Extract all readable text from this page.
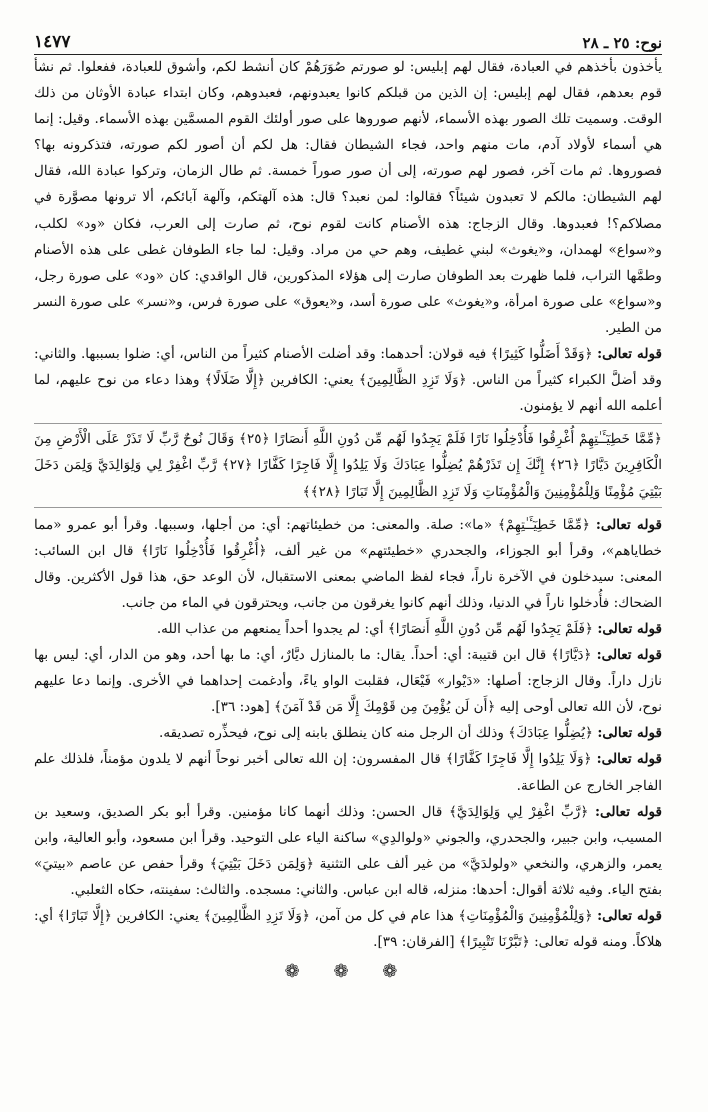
نوح: ٢٥ ـ ٢٨
١٤٧٧

يأخذون بأخذهم في العبادة، فقال لهم إبليس: لو صورتم صُوَرَهُمْ كان أنشط لكم، وأشوق للعبادة، ففعلوا. ثم نشأ قوم بعدهم، فقال لهم إبليس: إن الذين من قبلكم كانوا يعبدونهم، فعبدوهم، وكان ابتداء عبادة الأوثان من ذلك الوقت. وسميت تلك الصور بهذه الأسماء، لأنهم صوروها على صور أولئك القوم المسمَّين بهذه الأسماء. وقيل: إنما هي أسماء لأولاد آدم، مات منهم واحد، فجاء الشيطان فقال: هل لكم أن أصور لكم صورته، فتذكرونه بها؟ فصوروها. ثم مات آخر، فصور لهم صورته، إلى أن صور صوراً خمسة. ثم طال الزمان، وتركوا عبادة الله، فقال لهم الشيطان: مالكم لا تعبدون شيئاً؟ فقالوا: لمن نعبد؟ قال: هذه آلهتكم، وآلهة آبائكم، ألا ترونها مصوَّرة في مصلاكم؟! فعبدوها. وقال الزجاج: هذه الأصنام كانت لقوم نوح، ثم صارت إلى العرب، فكان «ود» لكلب، و«سواع» لهمدان، و«يغوث» لبني غطيف، وهم حي من مراد. وقيل: لما جاء الطوفان غطى على هذه الأصنام وطمَّها التراب، فلما ظهرت بعد الطوفان صارت إلى هؤلاء المذكورين، قال الواقدي: كان «ود» على صورة رجل، و«سواع» على صورة امرأة، و«يغوث» على صورة أسد، و«يعوق» على صورة فرس، و«نسر» على صورة النسر من الطير.

قوله تعالى: ﴿وَقَدْ أَضَلُّوا كَثِيرًا﴾ فيه قولان: أحدهما: وقد أضلت الأصنام كثيراً من الناس، أي: ضلوا بسببها. والثاني: وقد أضلَّ الكبراء كثيراً من الناس. ﴿وَلَا تَزِدِ الظَّالِمِينَ﴾ يعني: الكافرين ﴿إِلَّا ضَلَالًا﴾ وهذا دعاء من نوح عليهم، لما أعلمه الله أنهم لا يؤمنون.

﴿مِّمَّا خَطِيٓـَٔـٰتِهِمْ أُغْرِقُوا فَأُدْخِلُوا نَارًا فَلَمْ يَجِدُوا لَهُم مِّن دُونِ اللَّهِ أَنصَارًا ﴿٢٥﴾ وَقَالَ نُوحٌ رَّبِّ لَا تَذَرْ عَلَى الْأَرْضِ مِنَ الْكَافِرِينَ دَيَّارًا ﴿٢٦﴾ إِنَّكَ إِن تَذَرْهُمْ يُضِلُّوا عِبَادَكَ وَلَا يَلِدُوا إِلَّا فَاجِرًا كَفَّارًا ﴿٢٧﴾ رَّبِّ اغْفِرْ لِي وَلِوَالِدَيَّ وَلِمَن دَخَلَ بَيْتِيَ مُؤْمِنًا وَلِلْمُؤْمِنِينَ وَالْمُؤْمِنَاتِ وَلَا تَزِدِ الظَّالِمِينَ إِلَّا تَبَارًا ﴿٢٨﴾﴾

قوله تعالى: ﴿مِّمَّا خَطِيٓـَٔـٰتِهِمْ﴾ «ما»: صلة. والمعنى: من خطيئاتهم: أي: من أجلها، وسببها. وقرأ أبو عمرو «مما خطاياهم»، وقرأ أبو الجوزاء، والجحدري «خطيئتهم» من غير ألف، ﴿أُغْرِقُوا فَأُدْخِلُوا نَارًا﴾ قال ابن السائب: المعنى: سيدخلون في الآخرة ناراً، فجاء لفظ الماضي بمعنى الاستقبال، لأن الوعد حق، هذا قول الأكثرين. وقال الضحاك: فأُدخلوا ناراً في الدنيا، وذلك أنهم كانوا يغرقون من جانب، ويحترقون في الماء من جانب.

قوله تعالى: ﴿فَلَمْ يَجِدُوا لَهُم مِّن دُونِ اللَّهِ أَنصَارًا﴾ أي: لم يجدوا أحداً يمنعهم من عذاب الله.

قوله تعالى: ﴿دَيَّارًا﴾ قال ابن قتيبة: أي: أحداً. يقال: ما بالمنازل ديَّارٌ، أي: ما بها أحد، وهو من الدار، أي: ليس بها نازل داراً. وقال الزجاج: أصلها: «دَيْوار» فَيْعَال، فقلبت الواو ياءً، وأدغمت إحداهما في الأخرى. وإنما دعا عليهم نوح، لأن الله تعالى أوحى إليه ﴿أَن لَن يُؤْمِنَ مِن قَوْمِكَ إِلَّا مَن قَدْ آمَنَ﴾ [هود: ٣٦].

قوله تعالى: ﴿يُضِلُّوا عِبَادَكَ﴾ وذلك أن الرجل منه كان ينطلق بابنه إلى نوح، فيحذِّره تصديقه.

قوله تعالى: ﴿وَلَا يَلِدُوا إِلَّا فَاجِرًا كَفَّارًا﴾ قال المفسرون: إن الله تعالى أخبر نوحاً أنهم لا يلدون مؤمناً، فلذلك علم الفاجر الخارج عن الطاعة.

قوله تعالى: ﴿رَّبِّ اغْفِرْ لِي وَلِوَالِدَيَّ﴾ قال الحسن: وذلك أنهما كانا مؤمنين. وقرأ أبو بكر الصديق، وسعيد بن المسيب، وابن جبير، والجحدري، والجوني «ولوالدِي» ساكنة الياء على التوحيد. وقرأ ابن مسعود، وأبو العالية، وابن يعمر، والزهري، والنخعي «ولولدَيَّ» من غير ألف على التثنية ﴿وَلِمَن دَخَلَ بَيْتِيَ﴾ وقرأ حفص عن عاصم «بيتيَ» بفتح الياء. وفيه ثلاثة أقوال: أحدها: منزله، قاله ابن عباس. والثاني: مسجده. والثالث: سفينته، حكاه الثعلبي.

قوله تعالى: ﴿وَلِلْمُؤْمِنِينَ وَالْمُؤْمِنَاتِ﴾ هذا عام في كل من آمن، ﴿وَلَا تَزِدِ الظَّالِمِينَ﴾ يعني: الكافرين ﴿إِلَّا تَبَارًا﴾ أي: هلاكاً. ومنه قوله تعالى: ﴿تَبَّرْنَا تَتْبِيرًا﴾ [الفرقان: ٣٩].

❁ ❁ ❁
